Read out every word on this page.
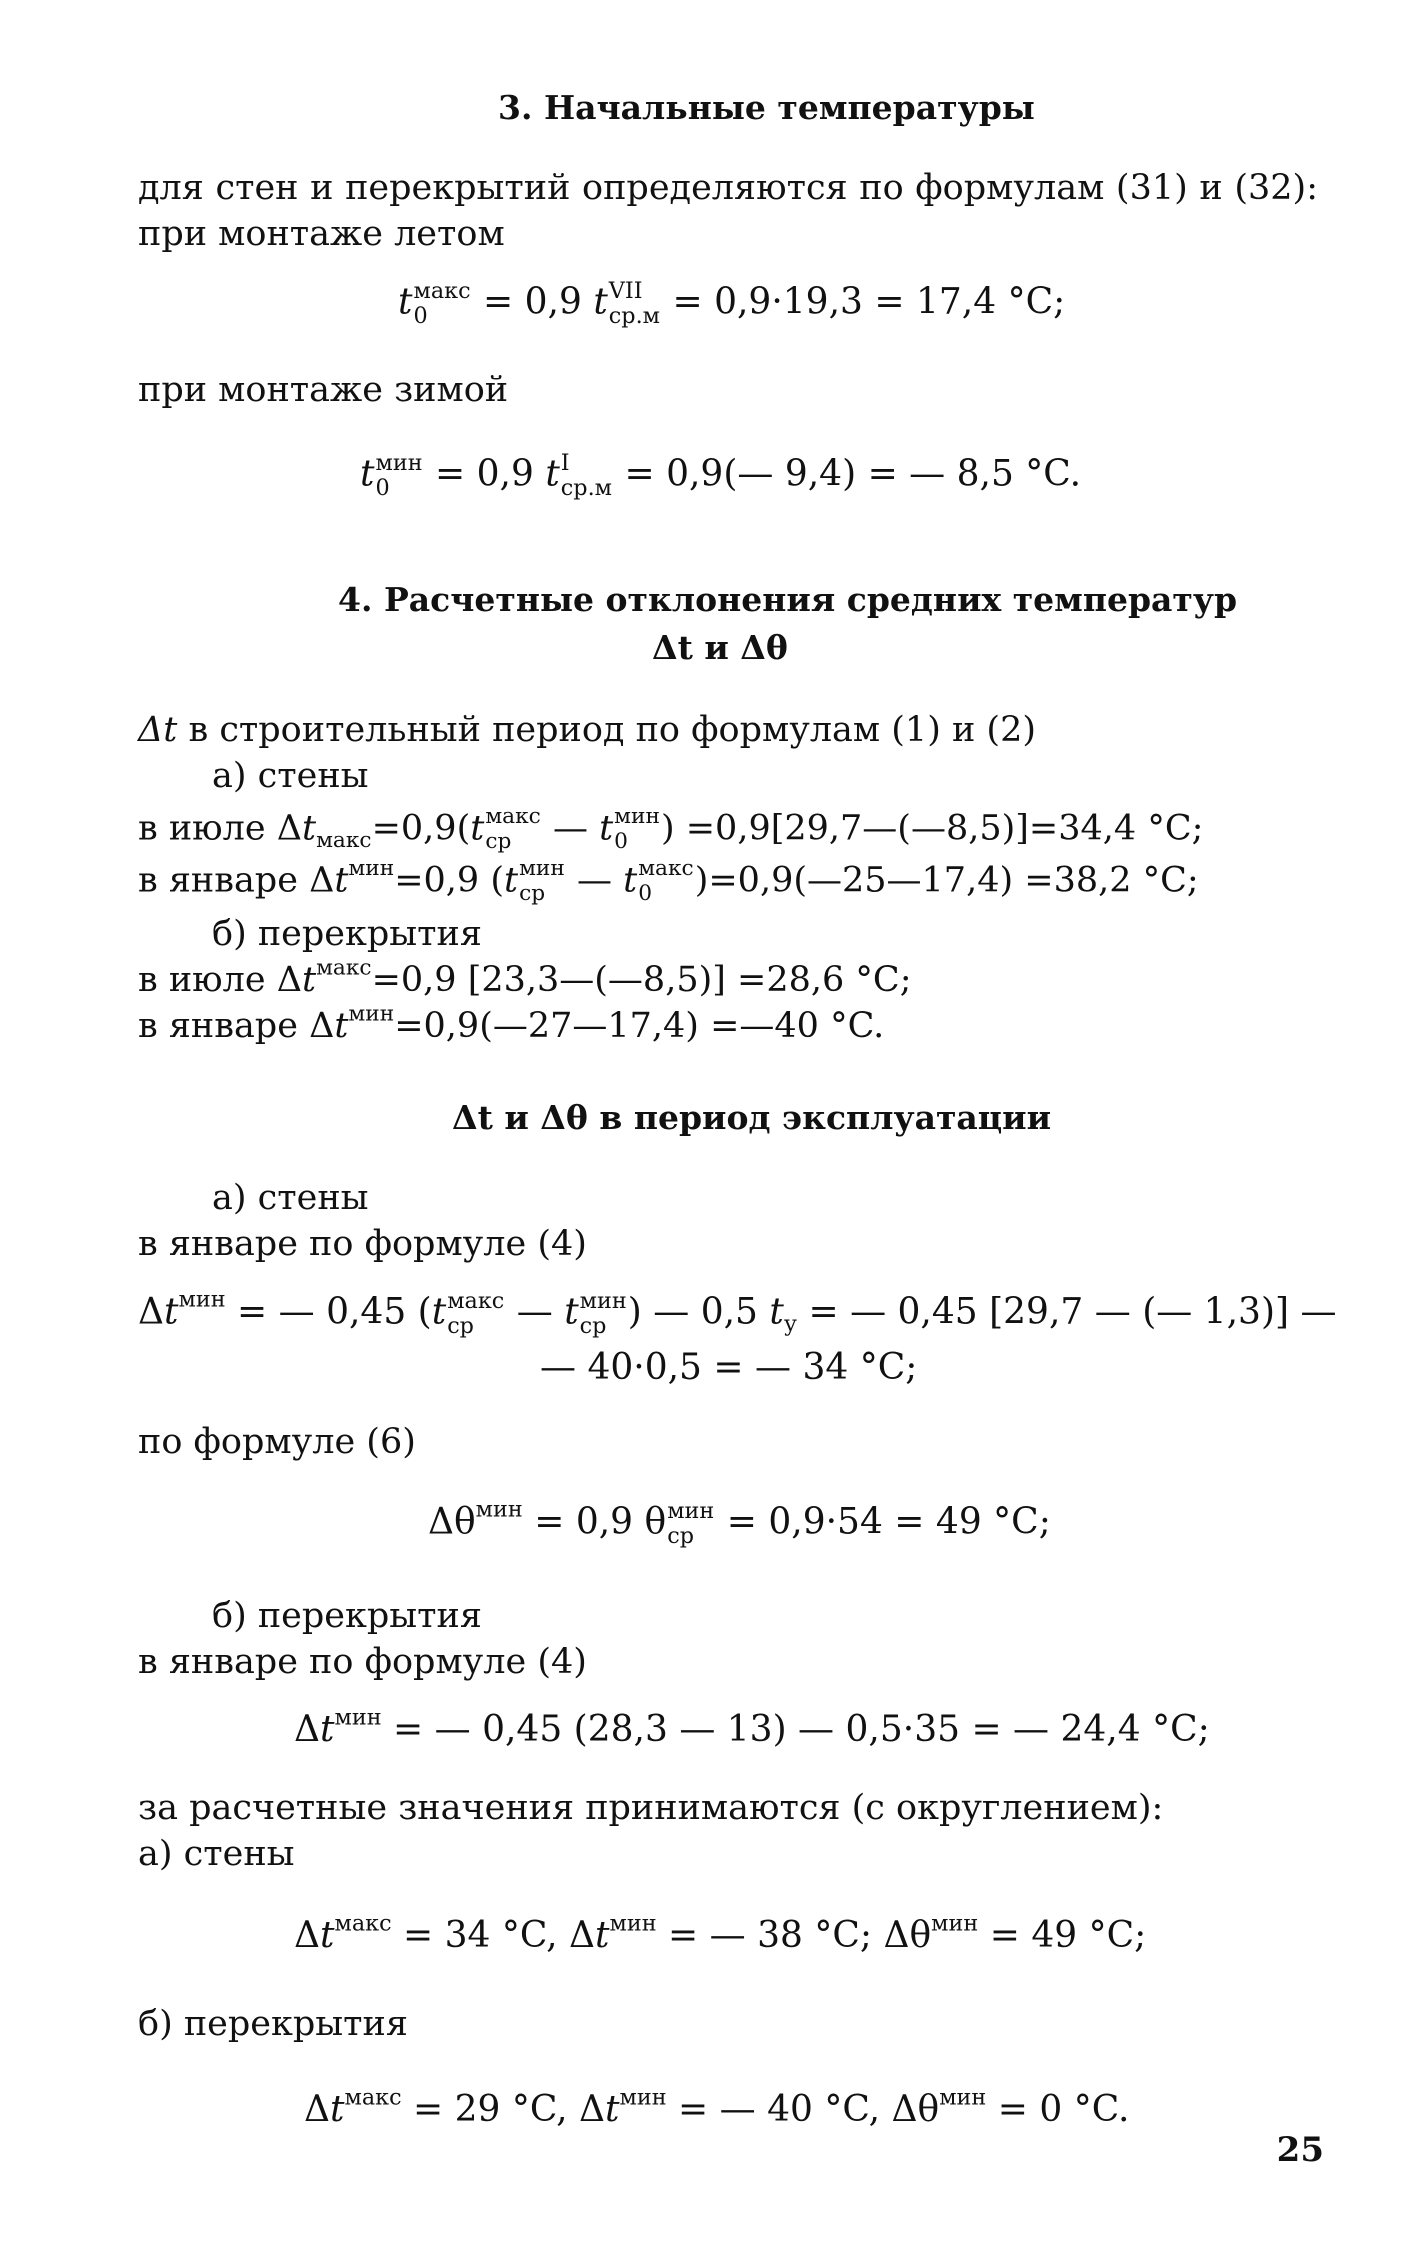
3. Начальные температуры
для стен и перекрытий определяются по формулам (31) и (32):
при монтаже летом
t макс
0	= 0,9 t VII
ср.м = 0,9·19,3 = 17,4 °C;
при монтаже зимой
t мин
0 = 0,9 t I
ср.м = 0,9(— 9,4) = — 8,5 °C.
4. Расчетные отклонения средних температур
Δt и Δθ
Δt в строительный период по формулам (1) и (2)
а) стены
в июле $\Delta t_{макс}=0,9(t$ макс
ср — t мин
0 ) =0,9[29,7—(—8,5)]=34,4 °C;
в январе $\Delta t^{мин}=0,9$ (t мин
ср — t макс
0	)=0,9(—25—17,4) =38,2 °C;
б) перекрытия
в июле $\Delta t^{макс}=0,9$ [23,3—(—8,5)] =28,6 °C;
в январе $\Delta t^{мин}=0,9(—27—17,4)$ =—40 °C.
Δt и Δθ в период эксплуатации
а) стены
в январе по формуле (4)
$\Delta t^{мин}$ = — 0,45 (t макс
ср — t мин
ср ) — 0,5 $t_у$ = — 0,45 [29,7 — (— 1,3)] —
— 40·0,5 = — 34 °C;
по формуле (6)
$\Delta\theta^{мин} = 0,9$ θ мин
ср = 0,9·54 = 49 °C;
б) перекрытия
в январе по формуле (4)
$\Delta t^{мин}$ = — 0,45 (28,3 — 13) — 0,5·35 = — 24,4 °C;
за расчетные значения принимаются (с округлением):
а) стены
$\Delta t^{макс} = 34$ °C, $\Delta t^{мин}$ = — 38 °C; $\Delta\theta^{мин} = 49$ °C;
б) перекрытия
$\Delta t^{макс} = 29$ °C, $\Delta t^{мин}$ = — 40 °C, $\Delta\theta^{мин} = 0$ °C.
25
